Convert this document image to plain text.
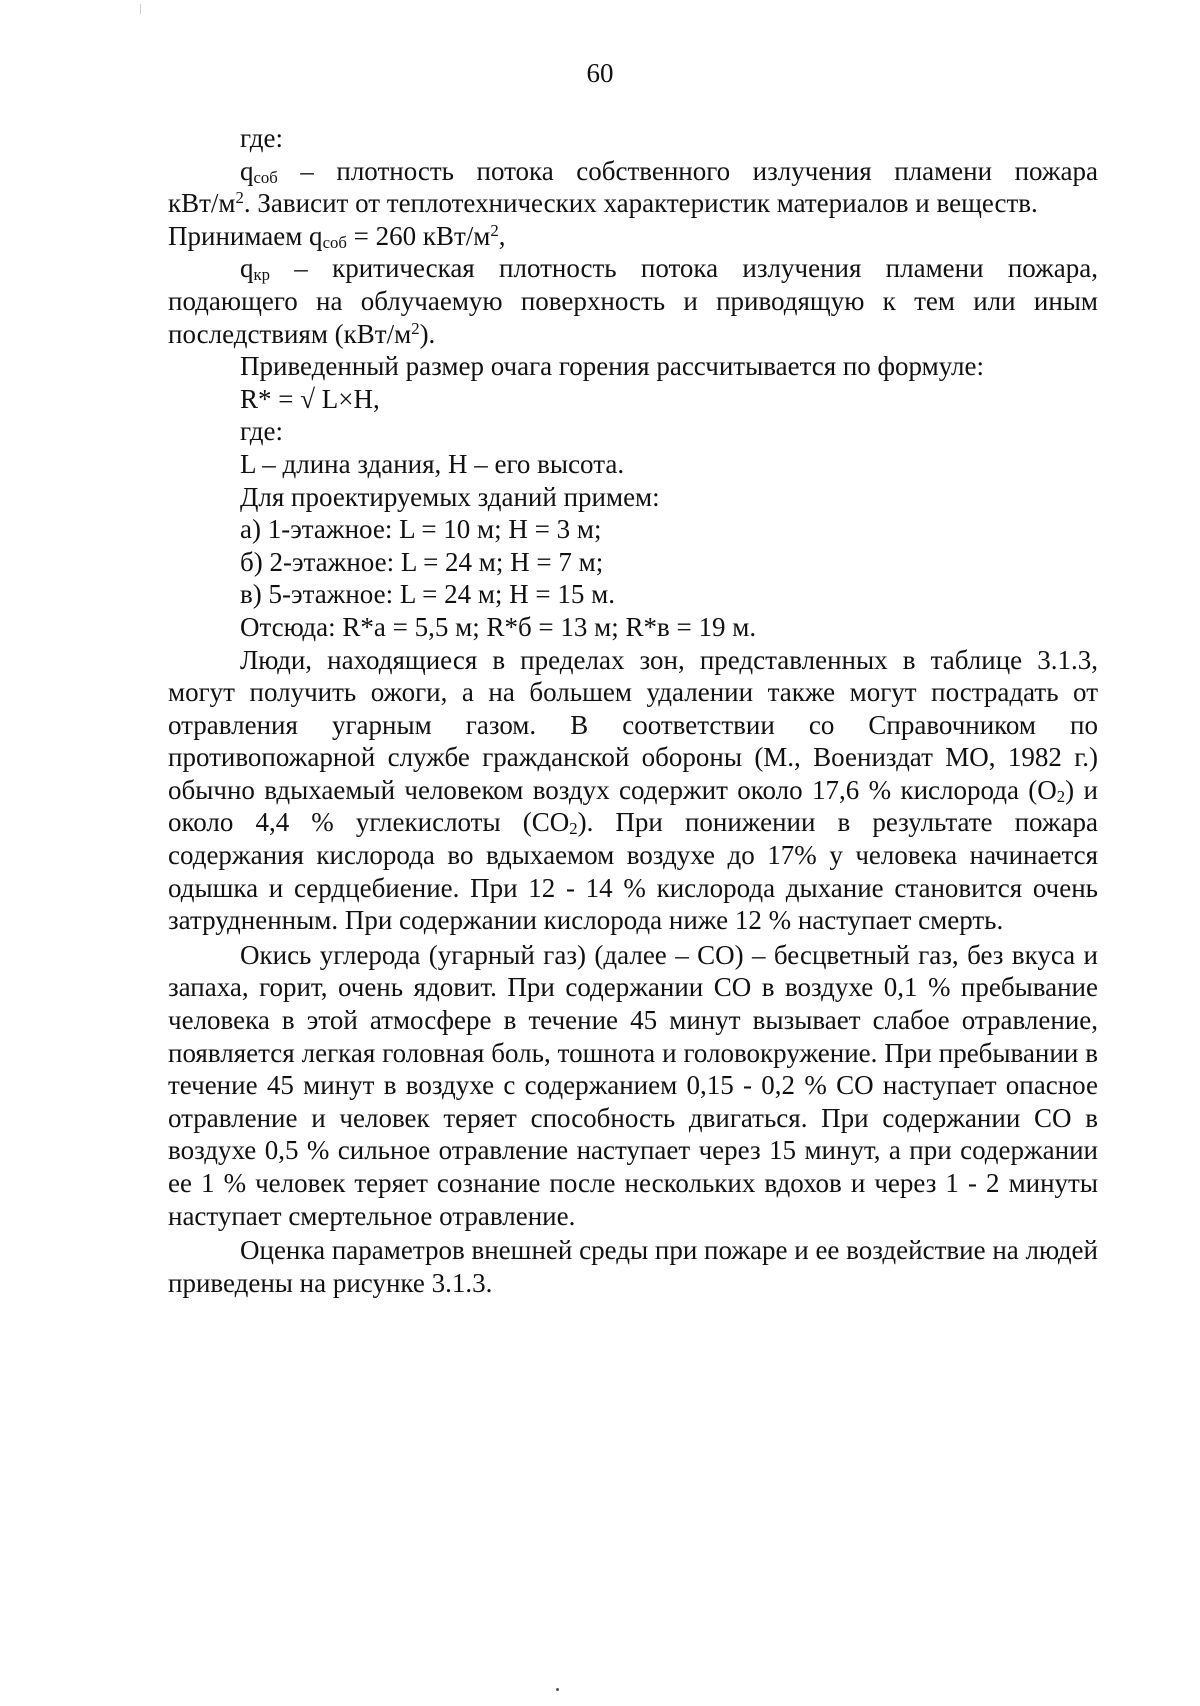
60

где:

$q_{соб}$ – плотность потока собственного излучения пламени пожара

кВт/$м^2$. Зависит от теплотехнических характеристик материалов и веществ.

Принимаем $q_{соб} = 260$ кВт/$м^2$,

$q_{кр}$ – критическая плотность потока излучения пламени пожара,

подающего на облучаемую поверхность и приводящую к тем или иным

последствиям $(кВт/м^2)$.

Приведенный размер очага горения рассчитывается по формуле:

R* = √ L×H,

где:

L – длина здания, H – его высота.

Для проектируемых зданий примем:

а) 1-этажное: L = 10 м; H = 3 м;

б) 2-этажное: L = 24 м; H = 7 м;

в) 5-этажное: L = 24 м; H = 15 м.

Отсюда: R*а = 5,5 м; R*б = 13 м; R*в = 19 м.

Люди, находящиеся в пределах зон, представленных в таблице 3.1.3, могут получить ожоги, а на большем удалении также могут пострадать от отравления угарным газом. В соответствии со Справочником по противопожарной службе гражданской обороны (М., Воениздат МО, 1982 г.) обычно вдыхаемый человеком воздух содержит около 17,6 % кислорода $(O_2)$ и около 4,4 % углекислоты $(CO_2)$. При понижении в результате пожара содержания кислорода во вдыхаемом воздухе до 17% у человека начинается одышка и сердцебиение. При 12 - 14 % кислорода дыхание становится очень затрудненным. При содержании кислорода ниже 12 % наступает смерть.

Окись углерода (угарный газ) (далее – CO) – бесцветный газ, без вкуса и запаха, горит, очень ядовит. При содержании CO в воздухе 0,1 % пребывание человека в этой атмосфере в течение 45 минут вызывает слабое отравление, появляется легкая головная боль, тошнота и головокружение. При пребывании в течение 45 минут в воздухе с содержанием 0,15 - 0,2 % CO наступает опасное отравление и человек теряет способность двигаться. При содержании CO в воздухе 0,5 % сильное отравление наступает через 15 минут, а при содержании ее 1 % человек теряет сознание после нескольких вдохов и через 1 - 2 минуты наступает смертельное отравление.

Оценка параметров внешней среды при пожаре и ее воздействие на людей приведены на рисунке 3.1.3.
